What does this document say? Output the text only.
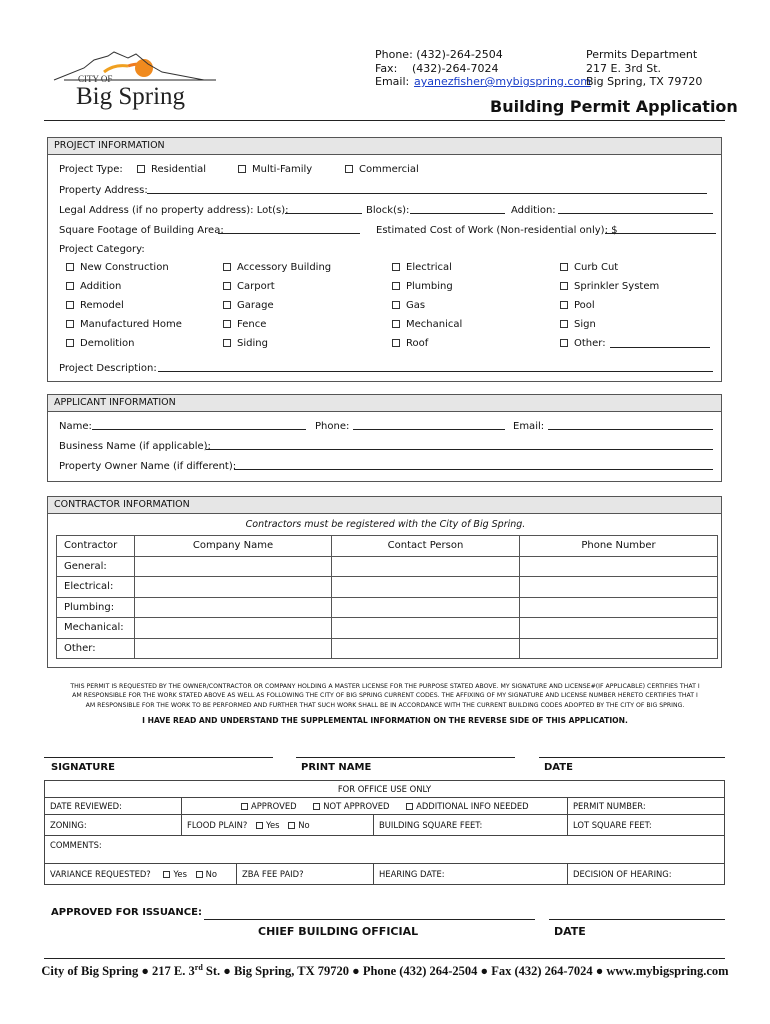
CITY OF
Big Spring
Phone: (432)-264-2504
Fax: (432)-264-7024
Email: ayanezfisher@mybigspring.com
Permits Department
217 E. 3rd St.
Big Spring, TX 79720
Building Permit Application
PROJECT INFORMATION
Project Type:	Residential	Multi-Family	Commercial
Property Address:
Legal Address (if no property address): Lot(s):	Block(s):	Addition:
Square Footage of Building Area:	Estimated Cost of Work (Non-residential only): $
Project Category:
New Construction	Accessory Building	Electrical	Curb Cut
Addition	Carport	Plumbing	Sprinkler System
Remodel	Garage	Gas	Pool
Manufactured Home	Fence	Mechanical	Sign
Demolition	Siding	Roof	Other:
Project Description:
APPLICANT INFORMATION
Name:	Phone:	Email:
Business Name (if applicable):
Property Owner Name (if different):
CONTRACTOR INFORMATION
Contractors must be registered with the City of Big Spring.
Contractor	Company Name	Contact Person	Phone Number
General:			
Electrical:			
Plumbing:			
Mechanical:			
Other:			
THIS PERMIT IS REQUESTED BY THE OWNER/CONTRACTOR OR COMPANY HOLDING A MASTER LICENSE FOR THE PURPOSE STATED ABOVE. MY SIGNATURE AND LICENSE#(IF APPLICABLE) CERTIFIES THAT I
AM RESPONSIBLE FOR THE WORK STATED ABOVE AS WELL AS FOLLOWING THE CITY OF BIG SPRING CURRENT CODES. THE AFFIXING OF MY SIGNATURE AND LICENSE NUMBER HERETO CERTIFIES THAT I
AM RESPONSIBLE FOR THE WORK TO BE PERFORMED AND FURTHER THAT SUCH WORK SHALL BE IN ACCORDANCE WITH THE CURRENT BUILDING CODES ADOPTED BY THE CITY OF BIG SPRING.
I HAVE READ AND UNDERSTAND THE SUPPLEMENTAL INFORMATION ON THE REVERSE SIDE OF THIS APPLICATION.
SIGNATURE	PRINT NAME	DATE
FOR OFFICE USE ONLY
DATE REVIEWED:	APPROVED NOT APPROVED ADDITIONAL INFO NEEDED			PERMIT NUMBER:
ZONING:	FLOOD PLAIN? Yes No		BUILDING SQUARE FEET:	LOT SQUARE FEET:
COMMENTS:				
VARIANCE REQUESTED? Yes No		ZBA FEE PAID?	HEARING DATE:	DECISION OF HEARING:
APPROVED FOR ISSUANCE:
CHIEF BUILDING OFFICIAL	DATE
City of Big Spring ● 217 E. 3rd St. ● Big Spring, TX 79720 ● Phone (432) 264-2504 ● Fax (432) 264-7024 ● www.mybigspring.com
